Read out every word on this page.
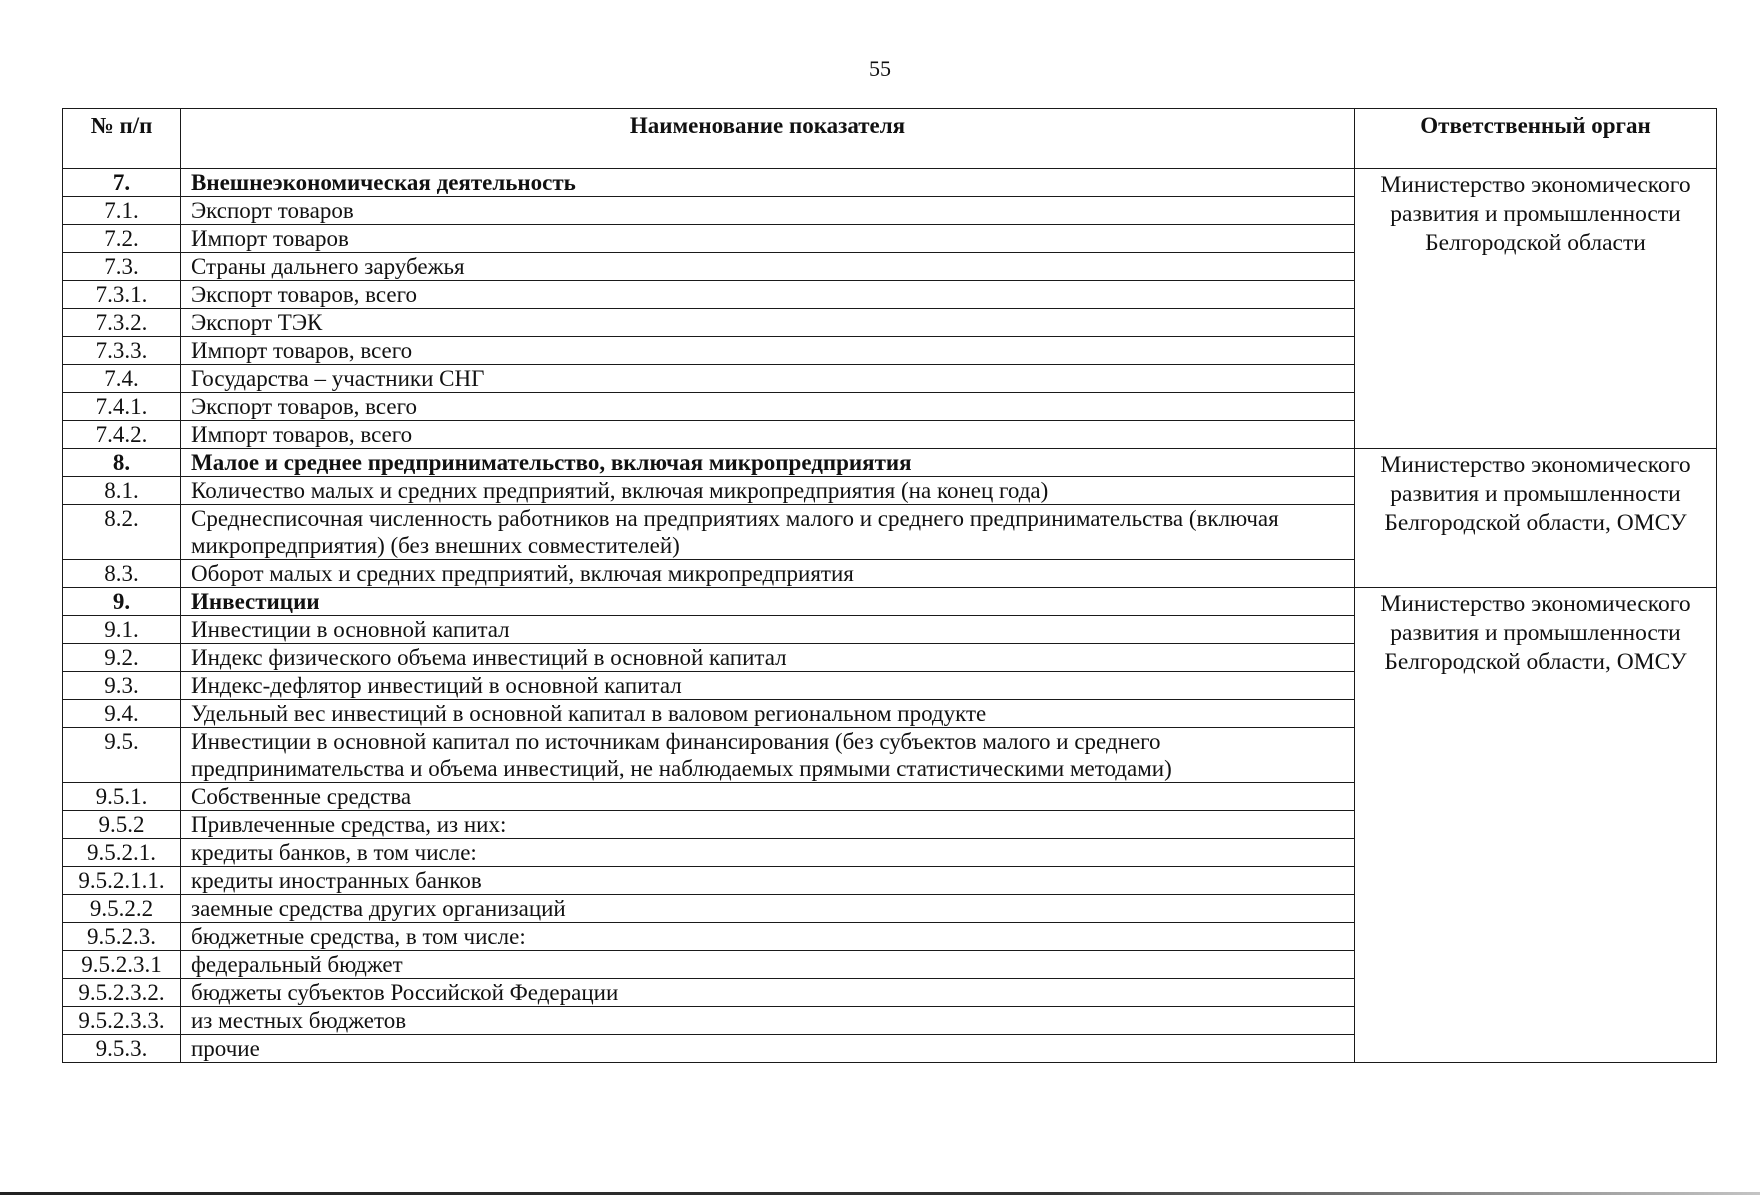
55
№ п/п	Наименование показателя	Ответственный орган
7.	Внешнеэкономическая деятельность	Министерство экономического развития и промышленности Белгородской области

7.1.	Экспорт товаров	
7.2.	Импорт товаров	
7.3.	Страны дальнего зарубежья	
7.3.1.	Экспорт товаров, всего	
7.3.2.	Экспорт ТЭК	
7.3.3.	Импорт товаров, всего	
7.4.	Государства – участники СНГ	
7.4.1.	Экспорт товаров, всего	
7.4.2.	Импорт товаров, всего	
8.	Малое и среднее предпринимательство, включая микропредприятия	Министерство экономического развития и промышленности Белгородской области, ОМСУ

8.1.	Количество малых и средних предприятий, включая микропредприятия (на конец года)	
8.2.	Среднесписочная численность работников на предприятиях малого и среднего предпринимательства (включая микропредприятия) (без внешних совместителей)	
8.3.	Оборот малых и средних предприятий, включая микропредприятия	
9.	Инвестиции	Министерство экономического развития и промышленности Белгородской области, ОМСУ

9.1.	Инвестиции в основной капитал	
9.2.	Индекс физического объема инвестиций в основной капитал	
9.3.	Индекс-дефлятор инвестиций в основной капитал	
9.4.	Удельный вес инвестиций в основной капитал в валовом региональном продукте	
9.5.	Инвестиции в основной капитал по источникам финансирования (без субъектов малого и среднего предпринимательства и объема инвестиций, не наблюдаемых прямыми статистическими методами)	
9.5.1.	Собственные средства	
9.5.2	Привлеченные средства, из них:	
9.5.2.1.	кредиты банков, в том числе:	
9.5.2.1.1.	кредиты иностранных банков	
9.5.2.2	заемные средства других организаций	
9.5.2.3.	бюджетные средства, в том числе:	
9.5.2.3.1	федеральный бюджет	
9.5.2.3.2.	бюджеты субъектов Российской Федерации	
9.5.2.3.3.	из местных бюджетов	
9.5.3.	прочие	
